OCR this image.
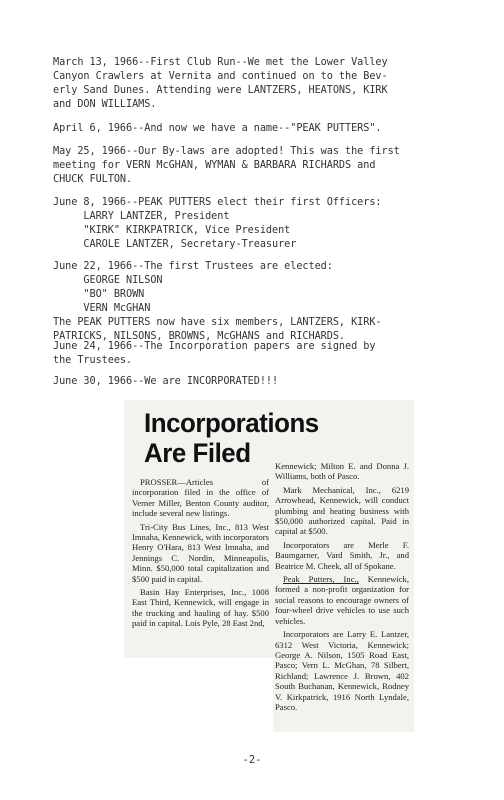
March 13, 1966--First Club Run--We met the Lower Valley
Canyon Crawlers at Vernita and continued on to the Bev-
erly Sand Dunes. Attending were LANTZERS, HEATONS, KIRK
and DON WILLIAMS.
April 6, 1966--And now we have a name--"PEAK PUTTERS".
May 25, 1966--Our By-laws are adopted! This was the first
meeting for VERN McGHAN, WYMAN & BARBARA RICHARDS and
CHUCK FULTON.
June 8, 1966--PEAK PUTTERS elect their first Officers:
LARRY LANTZER, President
"KIRK" KIRKPATRICK, Vice President
CAROLE LANTZER, Secretary-Treasurer
June 22, 1966--The first Trustees are elected:
GEORGE NILSON
"BO" BROWN
VERN McGHAN
The PEAK PUTTERS now have six members, LANTZERS, KIRK-
PATRICKS, NILSONS, BROWNS, McGHANS and RICHARDS.
June 24, 1966--The Incorporation papers are signed by
the Trustees.
June 30, 1966--We are INCORPORATED!!!
Incorporations
Are Filed

PROSSER—Articles of incorporation filed in the office of Verner Miller, Benton County auditor, include several new listings.

Tri-City Bus Lines, Inc., 813 West Imnaha, Kennewick, with incorporators Henry O'Hara, 813 West Imnaha, and Jennings C. Nordin, Minneapolis, Minn. $50,000 total capitalization and $500 paid in capital.

Basin Hay Enterprises, Inc., 1008 East Third, Kennewick, will engage in the trucking and hauling of hay. $500 paid in capital. Lois Pyle, 28 East 2nd,

Kennewick; Milton E. and Donna J. Williams, both of Pasco.

Mark Mechanical, Inc., 6219 Arrowhead, Kennewick, will conduct plumbing and heating business with $50,000 authorized capital. Paid in capital at $500.

Incorporators are Merle F. Baumgarner, Vard Smith, Jr., and Beatrice M. Cheek, all of Spokane.

Peak Putters, Inc., Kennewick, formed a non-profit organization for social reasons to encourage owners of four-wheel drive vehicles to use such vehicles.

Incorporators are Larry E. Lantzer, 6312 West Victoria, Kennewick; George A. Nilson, 1505 Road East, Pasco; Vern L. McGhan, 78 Silbert, Richland; Lawrence J. Brown, 402 South Buchanan, Kennewick, Rodney V. Kirkpatrick, 1916 North Lyndale, Pasco.

-2-
